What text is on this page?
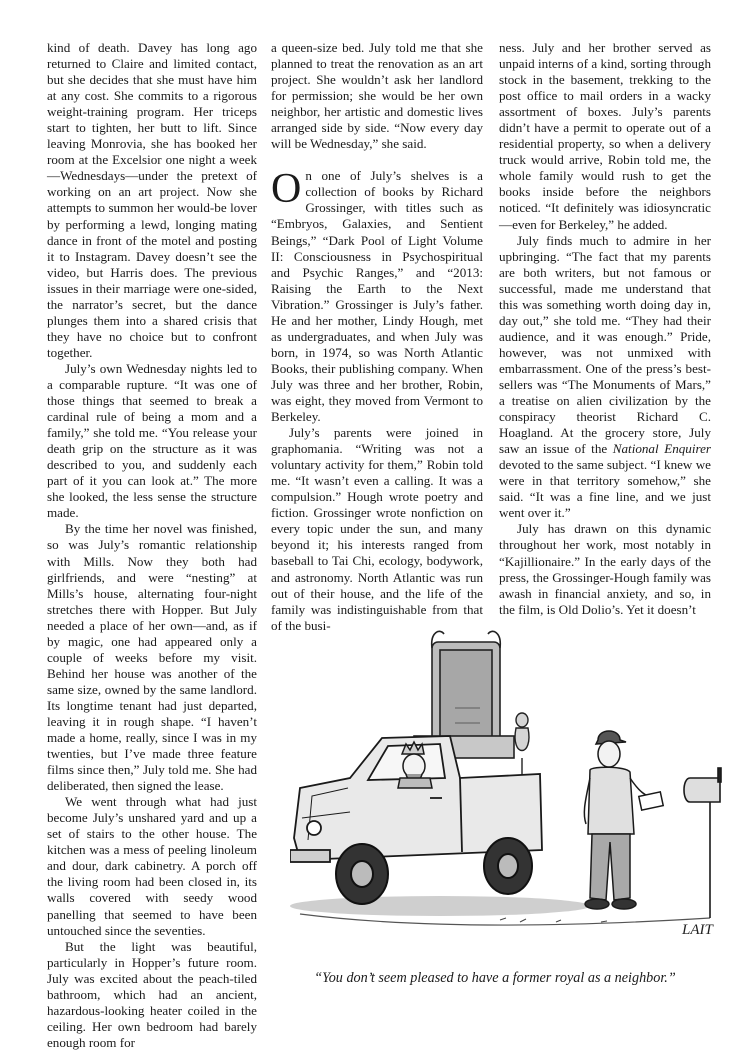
kind of death. Davey has long ago returned to Claire and limited contact, but she decides that she must have him at any cost. She commits to a rigorous weight-training program. Her triceps start to tighten, her butt to lift. Since leaving Monrovia, she has booked her room at the Excelsior one night a week—Wednesdays—under the pretext of working on an art project. Now she attempts to summon her would-be lover by performing a lewd, longing mating dance in front of the motel and posting it to Instagram. Davey doesn’t see the video, but Harris does. The previous issues in their marriage were one-sided, the narrator’s secret, but the dance plunges them into a shared crisis that they have no choice but to confront together.

July’s own Wednesday nights led to a comparable rupture. “It was one of those things that seemed to break a cardinal rule of being a mom and a family,” she told me. “You release your death grip on the structure as it was described to you, and suddenly each part of it you can look at.” The more she looked, the less sense the structure made.

By the time her novel was finished, so was July’s romantic relationship with Mills. Now they both had girlfriends, and were “nesting” at Mills’s house, alternating four-night stretches there with Hopper. But July needed a place of her own—and, as if by magic, one had appeared only a couple of weeks before my visit. Behind her house was another of the same size, owned by the same landlord. Its longtime tenant had just departed, leaving it in rough shape. “I haven’t made a home, really, since I was in my twenties, but I’ve made three feature films since then,” July told me. She had deliberated, then signed the lease.

We went through what had just become July’s unshared yard and up a set of stairs to the other house. The kitchen was a mess of peeling linoleum and dour, dark cabinetry. A porch off the living room had been closed in, its walls covered with seedy wood panelling that seemed to have been untouched since the seventies.

But the light was beautiful, particularly in Hopper’s future room. July was excited about the peach-tiled bathroom, which had an ancient, hazardous-looking heater coiled in the ceiling. Her own bedroom had barely enough room for

a queen-size bed. July told me that she planned to treat the renovation as an art project. She wouldn’t ask her landlord for permission; she would be her own neighbor, her artistic and domestic lives arranged side by side. “Now every day will be Wednesday,” she said.

On one of July’s shelves is a collection of books by Richard Grossinger, with titles such as “Embryos, Galaxies, and Sentient Beings,” “Dark Pool of Light Volume II: Consciousness in Psychospiritual and Psychic Ranges,” and “2013: Raising the Earth to the Next Vibration.” Grossinger is July’s father. He and her mother, Lindy Hough, met as undergraduates, and when July was born, in 1974, so was North Atlantic Books, their publishing company. When July was three and her brother, Robin, was eight, they moved from Vermont to Berkeley.

July’s parents were joined in graphomania. “Writing was not a voluntary activity for them,” Robin told me. “It wasn’t even a calling. It was a compulsion.” Hough wrote poetry and fiction. Grossinger wrote nonfiction on every topic under the sun, and many beyond it; his interests ranged from baseball to Tai Chi, ecology, bodywork, and astronomy. North Atlantic was run out of their house, and the life of the family was indistinguishable from that of the busi-

ness. July and her brother served as unpaid interns of a kind, sorting through stock in the basement, trekking to the post office to mail orders in a wacky assortment of boxes. July’s parents didn’t have a permit to operate out of a residential property, so when a delivery truck would arrive, Robin told me, the whole family would rush to get the books inside before the neighbors noticed. “It definitely was idiosyncratic—even for Berkeley,” he added.

July finds much to admire in her upbringing. “The fact that my parents are both writers, but not famous or successful, made me understand that this was something worth doing day in, day out,” she told me. “They had their audience, and it was enough.” Pride, however, was not unmixed with embarrassment. One of the press’s best-sellers was “The Monuments of Mars,” a treatise on alien civilization by the conspiracy theorist Richard C. Hoagland. At the grocery store, July saw an issue of the National Enquirer devoted to the same subject. “I knew we were in that territory somehow,” she said. “It was a fine line, and we just went over it.”

July has drawn on this dynamic throughout her work, most notably in “Kajillionaire.” In the early days of the press, the Grossinger-Hough family was awash in financial anxiety, and so, in the film, is Old Dolio’s. Yet it doesn’t

LAIT
“You don’t seem pleased to have a former royal as a neighbor.”
